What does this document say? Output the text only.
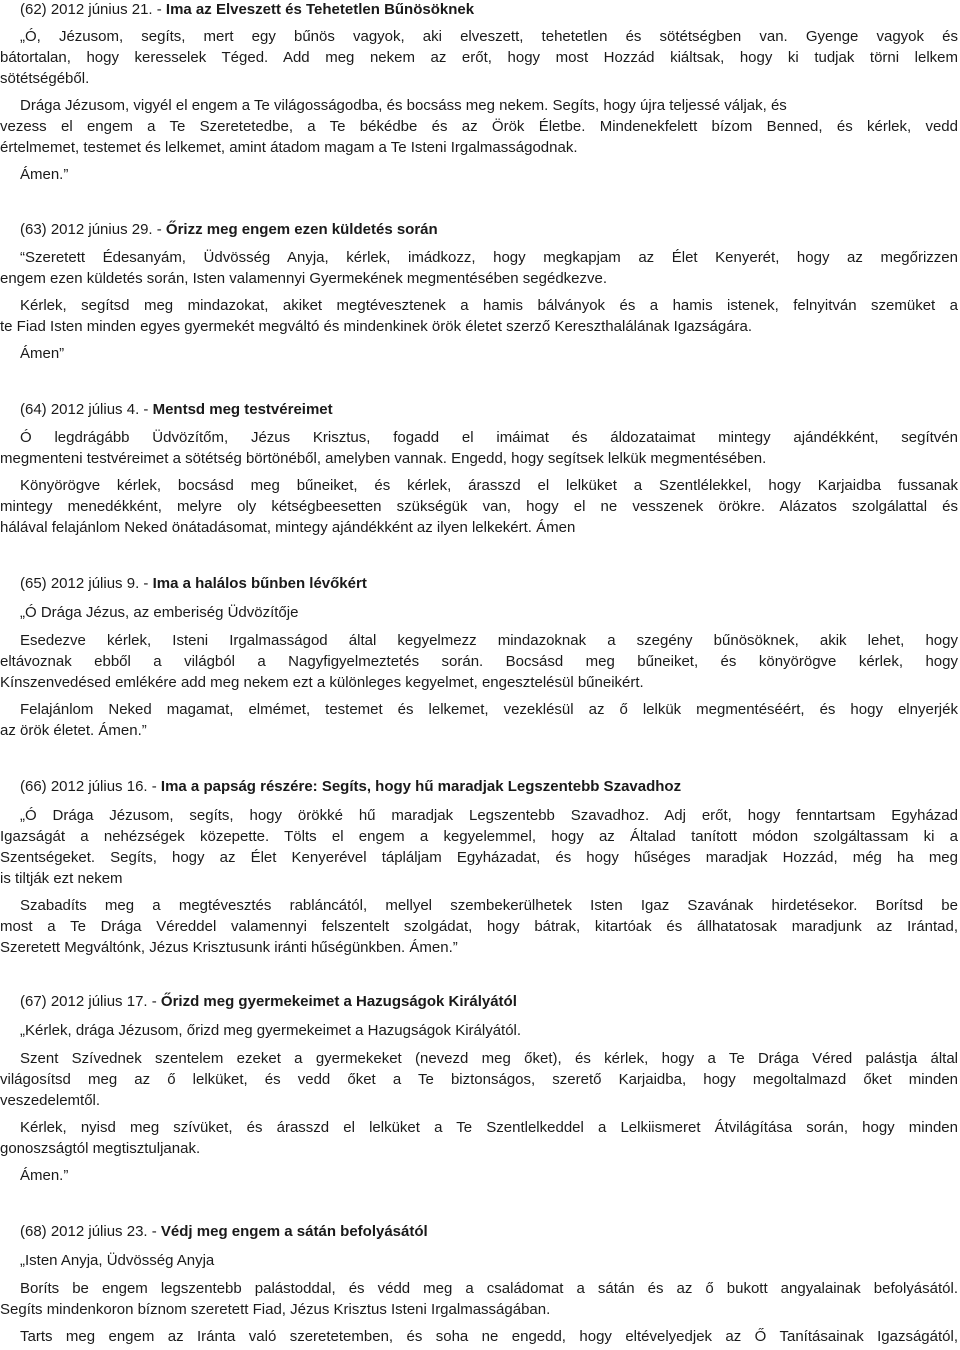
(62) 2012 június 21. - Ima az Elveszett és Tehetetlen Bűnösöknek
„Ó, Jézusom, segíts, mert egy bűnös vagyok, aki elveszett, tehetetlen és sötétségben van. Gyenge vagyok és
bátortalan, hogy keresselek Téged. Add meg nekem az erőt, hogy most Hozzád kiáltsak, hogy ki tudjak törni lelkem
sötétségéből.
Drága Jézusom, vigyél el engem a Te világosságodba, és bocsáss meg nekem. Segíts, hogy újra teljessé váljak, és
vezess el engem a Te Szeretetedbe, a Te békédbe és az Örök Életbe. Mindenekfelett bízom Benned, és kérlek, vedd
értelmemet, testemet és lelkemet, amint átadom magam a Te Isteni Irgalmasságodnak.
Ámen.”
(63) 2012 június 29. - Őrizz meg engem ezen küldetés során
“Szeretett Édesanyám, Üdvösség Anyja, kérlek, imádkozz, hogy megkapjam az Élet Kenyerét, hogy az megőrizzen
engem ezen küldetés során, Isten valamennyi Gyermekének megmentésében segédkezve.
Kérlek, segítsd meg mindazokat, akiket megtévesztenek a hamis bálványok és a hamis istenek, felnyitván szemüket a
te Fiad Isten minden egyes gyermekét megváltó és mindenkinek örök életet szerző Kereszthalálának Igazságára.
Ámen”
(64) 2012 július 4. - Mentsd meg testvéreimet
Ó legdrágább Üdvözítőm, Jézus Krisztus, fogadd el imáimat és áldozataimat mintegy ajándékként, segítvén
megmenteni testvéreimet a sötétség börtönéből, amelyben vannak. Engedd, hogy segítsek lelkük megmentésében.
Könyörögve kérlek, bocsásd meg bűneiket, és kérlek, árasszd el lelküket a Szentlélekkel, hogy Karjaidba fussanak
mintegy menedékként, melyre oly kétségbeesetten szükségük van, hogy el ne vesszenek örökre. Alázatos szolgálattal és
hálával felajánlom Neked önátadásomat, mintegy ajándékként az ilyen lelkekért. Ámen
(65) 2012 július 9. - Ima a halálos bűnben lévőkért
„Ó Drága Jézus, az emberiség Üdvözítője
Esedezve kérlek, Isteni Irgalmasságod által kegyelmezz mindazoknak a szegény bűnösöknek, akik lehet, hogy
eltávoznak ebből a világból a Nagyfigyelmeztetés során. Bocsásd meg bűneiket, és könyörögve kérlek, hogy
Kínszenvedésed emlékére add meg nekem ezt a különleges kegyelmet, engesztelésül bűneikért.
Felajánlom Neked magamat, elmémet, testemet és lelkemet, vezeklésül az ő lelkük megmentéséért, és hogy elnyerjék
az örök életet. Ámen.”
(66) 2012 július 16. - Ima a papság részére: Segíts, hogy hű maradjak Legszentebb Szavadhoz
„Ó Drága Jézusom, segíts, hogy örökké hű maradjak Legszentebb Szavadhoz. Adj erőt, hogy fenntartsam Egyházad
Igazságát a nehézségek közepette. Tölts el engem a kegyelemmel, hogy az Általad tanított módon szolgáltassam ki a
Szentségeket. Segíts, hogy az Élet Kenyerével tápláljam Egyházadat, és hogy hűséges maradjak Hozzád, még ha meg
is tiltják ezt nekem
Szabadíts meg a megtévesztés rabláncától, mellyel szembekerülhetek Isten Igaz Szavának hirdetésekor. Borítsd be
most a Te Drága Véreddel valamennyi felszentelt szolgádat, hogy bátrak, kitartóak és állhatatosak maradjunk az Irántad,
Szeretett Megváltónk, Jézus Krisztusunk iránti hűségünkben. Ámen.”
(67) 2012 július 17. - Őrizd meg gyermekeimet a Hazugságok Királyától
„Kérlek, drága Jézusom, őrizd meg gyermekeimet a Hazugságok Királyától.
Szent Szívednek szentelem ezeket a gyermekeket (nevezd meg őket), és kérlek, hogy a Te Drága Véred palástja által
világosítsd meg az ő lelküket, és vedd őket a Te biztonságos, szerető Karjaidba, hogy megoltalmazd őket minden
veszedelemtől.
Kérlek, nyisd meg szívüket, és árasszd el lelküket a Te Szentlelkeddel a Lelkiismeret Átvilágítása során, hogy minden
gonoszságtól megtisztuljanak.
Ámen.”
(68) 2012 július 23. - Védj meg engem a sátán befolyásától
„Isten Anyja, Üdvösség Anyja
Boríts be engem legszentebb palástoddal, és védd meg a családomat a sátán és az ő bukott angyalainak befolyásától.
Segíts mindenkoron bíznom szeretett Fiad, Jézus Krisztus Isteni Irgalmasságában.
Tarts meg engem az Iránta való szeretetemben, és soha ne engedd, hogy eltévelyedjek az Ő Tanításainak Igazságától,
